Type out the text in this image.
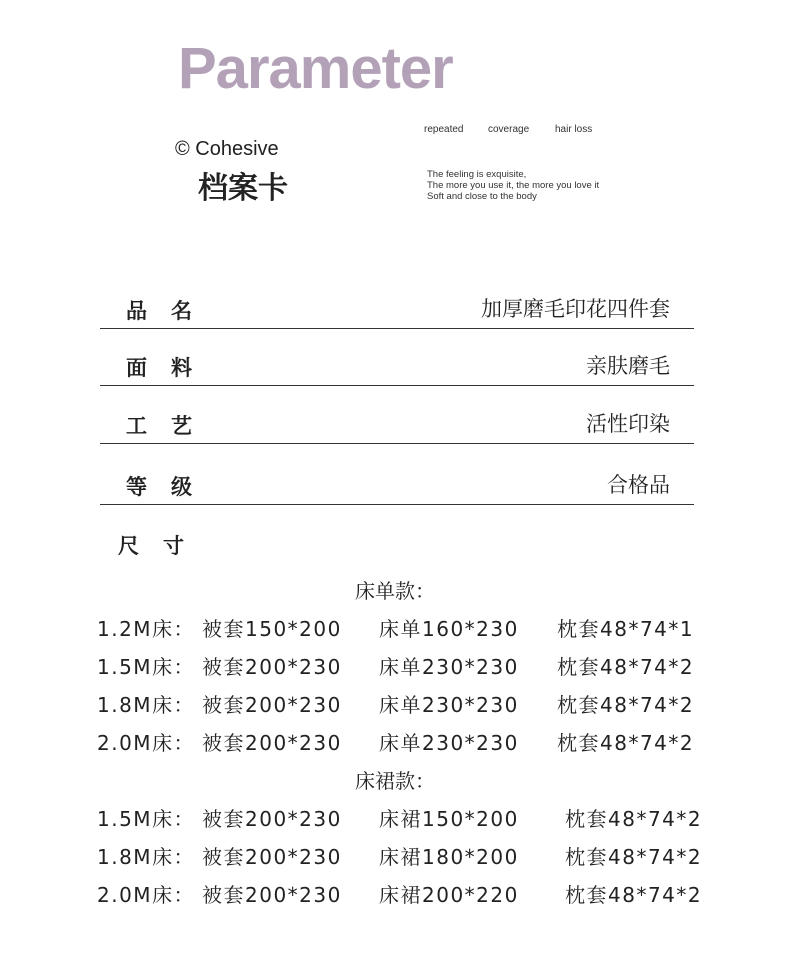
Parameter
© Cohesive
档案卡
repeated coverage	hair loss
The feeling is exquisite,
The more you use it, the more you love it
Soft and close to the body
品名	加厚磨毛印花四件套
面料	亲肤磨毛
工艺	活性印染
等级	合格品
尺寸
床单款：
1.2M床： 被套150*200 床单160*230 枕套48*74*1
1.5M床： 被套200*230 床单230*230 枕套48*74*2
1.8M床： 被套200*230 床单230*230 枕套48*74*2
2.0M床： 被套200*230 床单230*230 枕套48*74*2
床裙款：
1.5M床： 被套200*230 床裙150*200 枕套48*74*2
1.8M床： 被套200*230 床裙180*200 枕套48*74*2
2.0M床： 被套200*230 床裙200*220 枕套48*74*2
